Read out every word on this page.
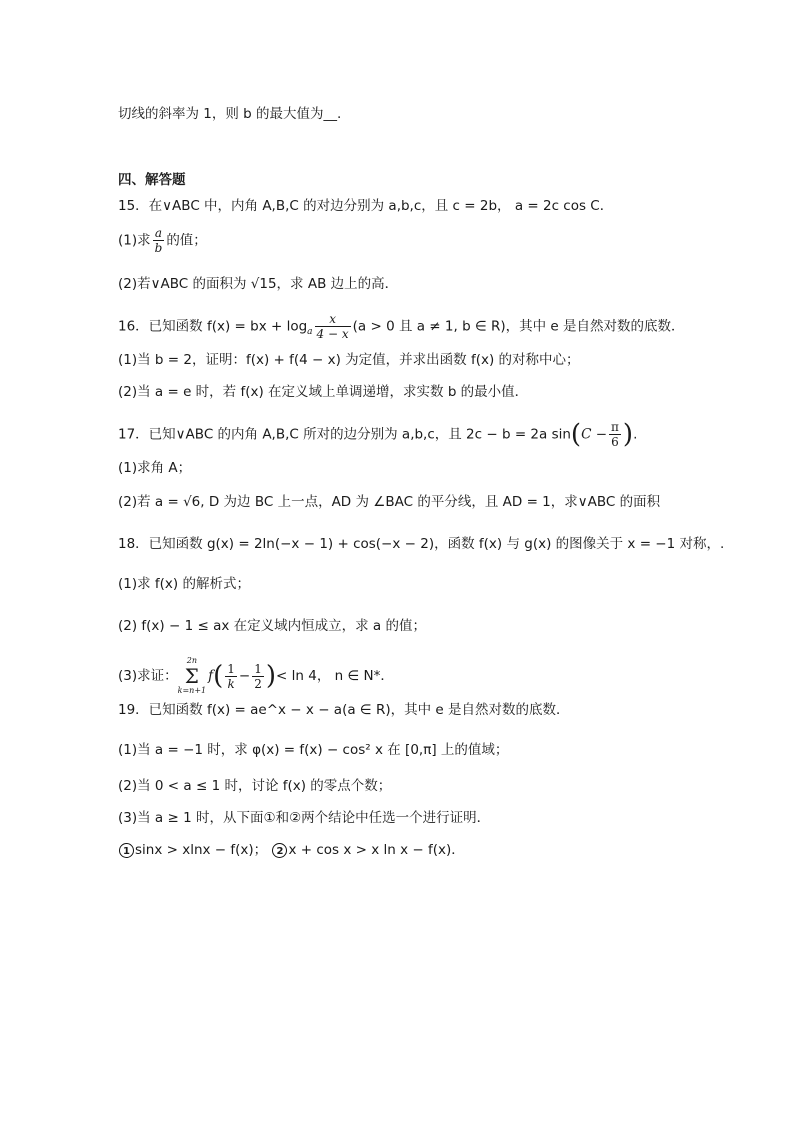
切线的斜率为 1，则 b 的最大值为__.
四、解答题
15．在∨ABC 中，内角 A,B,C 的对边分别为 a,b,c，且 c = 2b， a = 2c cos C．
(1)求 $\frac{a}{b}$ 的值；
(2)若∨ABC 的面积为 √15，求 AB 边上的高．
16．已知函数 f(x) = bx + $\log_a \frac{x}{4 - x} (a > 0$ 且 a ≠ 1, b ∈ R)，其中 e 是自然对数的底数．
(1)当 b = 2，证明：f(x) + f(4 − x) 为定值，并求出函数 f(x) 的对称中心；
(2)当 a = e 时，若 f(x) 在定义域上单调递增，求实数 b 的最小值．
17．已知∨ABC 的内角 A,B,C 所对的边分别为 a,b,c，且 2c − b = 2a $\sin(C - \frac{\pi}{6}$ ).
(1)求角 A；
(2)若 a = √6, D 为边 BC 上一点，AD 为 ∠BAC 的平分线，且 AD = 1，求∨ABC 的面积
18．已知函数 g(x) = 2ln(−x − 1) + cos(−x − 2)，函数 f(x) 与 g(x) 的图像关于 x = −1 对称，.
(1)求 f(x) 的解析式；
(2) f(x) − 1 ≤ ax 在定义域内恒成立，求 a 的值；
(3)求证：
2n
Σ
k=n+1
$f( \frac{1}{k} - \frac{1}{2}$ )< ln 4， n ∈ N*．
19．已知函数 f(x) = ae^x − x − a(a ∈ R)，其中 e 是自然对数的底数．
(1)当 a = −1 时，求 φ(x) = f(x) − cos² x 在 [0,π] 上的值域；
(2)当 0 < a ≤ 1 时，讨论 f(x) 的零点个数；
(3)当 a ≥ 1 时，从下面①和②两个结论中任选一个进行证明．
1 sinx > xlnx − f(x)； 2 x + cos x > x ln x − f(x)．
